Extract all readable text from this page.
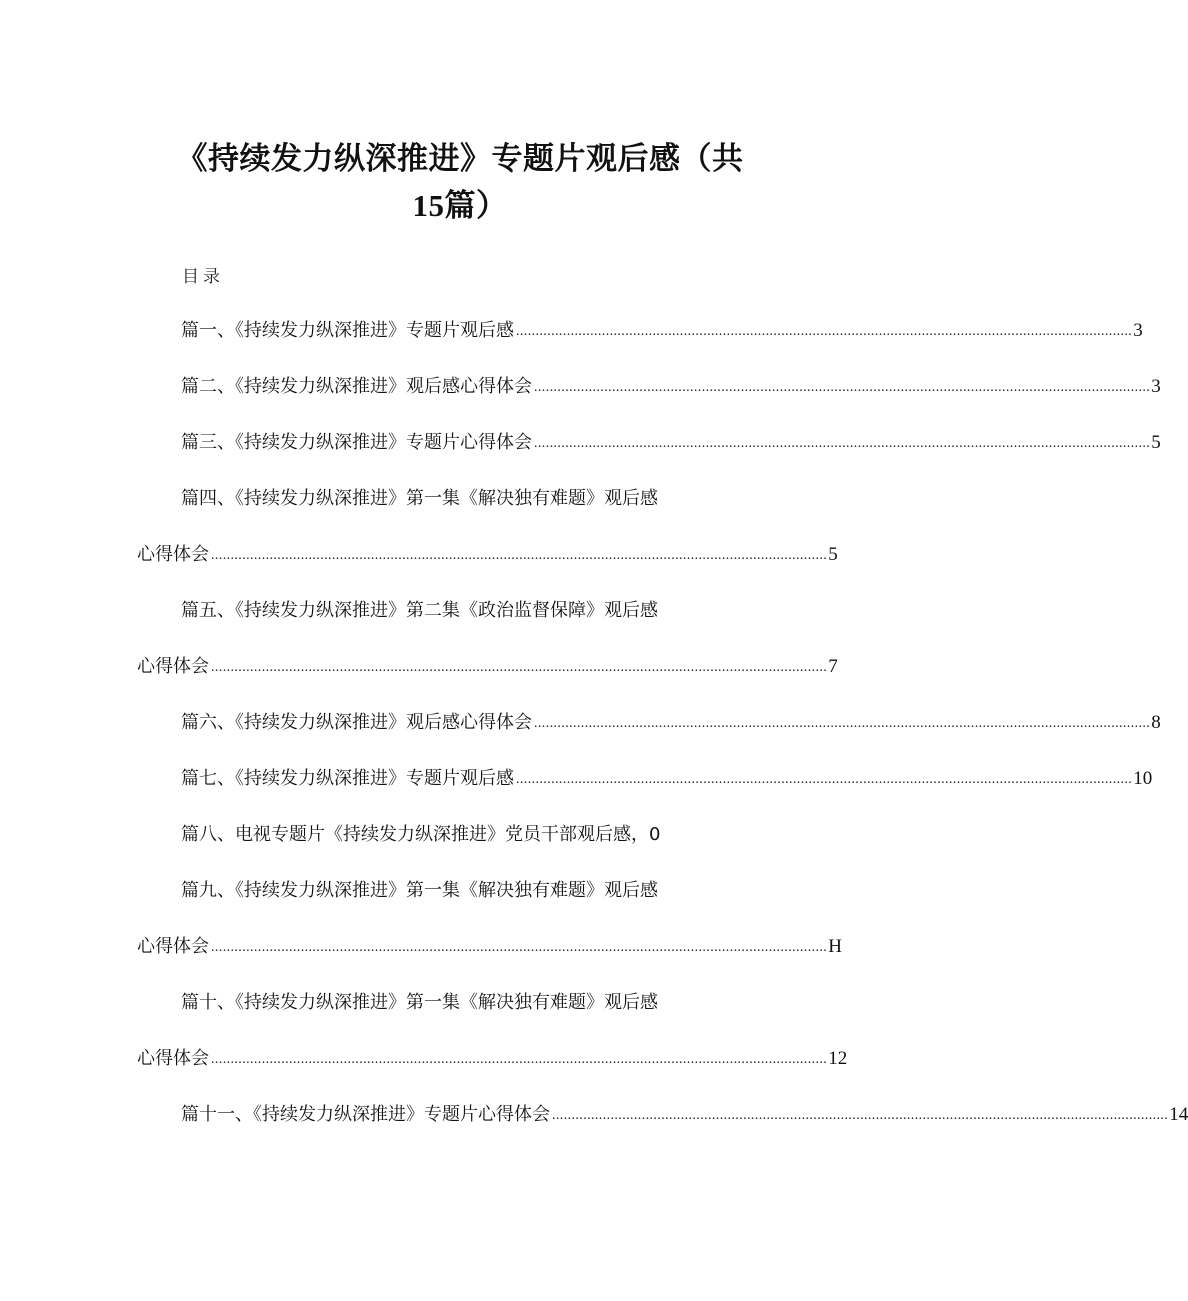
《持续发力纵深推进》专题片观后感（共
15篇）
目录
篇一、《持续发力纵深推进》专题片观后感 .............................................................................................................................................................. 3
篇二、《持续发力纵深推进》观后感心得体会 .............................................................................................................................................................. 3
篇三、《持续发力纵深推进》专题片心得体会 .............................................................................................................................................................. 5
篇四、《持续发力纵深推进》第一集《解决独有难题》观后感
心得体会 .............................................................................................................................................................. 5
篇五、《持续发力纵深推进》第二集《政治监督保障》观后感
心得体会 .............................................................................................................................................................. 7
篇六、《持续发力纵深推进》观后感心得体会 .............................................................................................................................................................. 8
篇七、《持续发力纵深推进》专题片观后感 .............................................................................................................................................................. 10
篇八、电视专题片《持续发力纵深推进》党员干部观后感，0
篇九、《持续发力纵深推进》第一集《解决独有难题》观后感
心得体会 .............................................................................................................................................................. H
篇十、《持续发力纵深推进》第一集《解决独有难题》观后感
心得体会 .............................................................................................................................................................. 12
篇十一、《持续发力纵深推进》专题片心得体会 .............................................................................................................................................................. 14
